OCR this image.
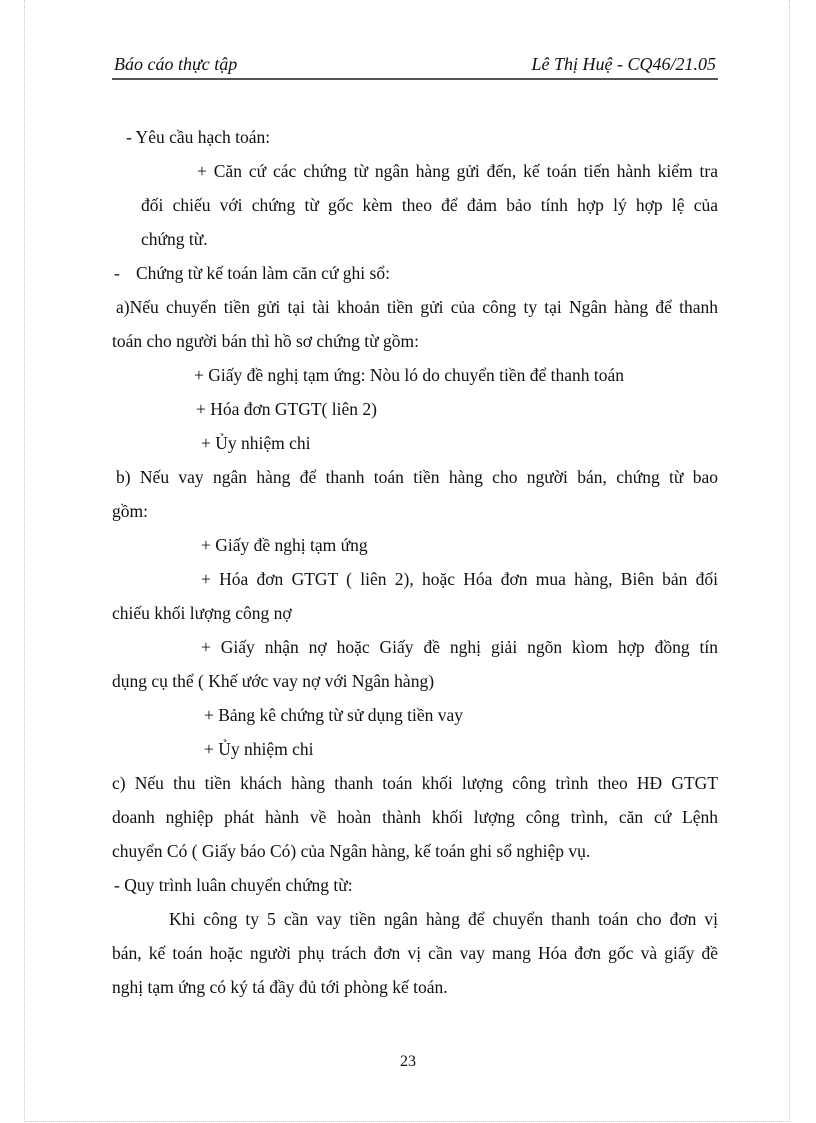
Báo cáo thực tập	Lê Thị Huệ - CQ46/21.05
- Yêu cầu hạch toán:
+ Căn cứ các chứng từ ngân hàng gửi đến, kế toán tiến hành kiểm tra
đối chiếu với chứng từ gốc kèm theo để đảm bảo tính hợp lý hợp lệ của
chứng từ.
- Chứng từ kế toán làm căn cứ ghi sổ:
a)Nếu chuyển tiền gửi tại tài khoản tiền gửi của công ty tại Ngân hàng để thanh
toán cho người bán thì hồ sơ chứng từ gồm:
+ Giấy đề nghị tạm ứng: Nòu ló do chuyển tiền để thanh toán
+ Hóa đơn GTGT( liên 2)
+ Ủy nhiệm chi
b) Nếu vay ngân hàng để thanh toán tiền hàng cho người bán, chứng từ bao
gồm:
+ Giấy đề nghị tạm ứng
+ Hóa đơn GTGT ( liên 2), hoặc Hóa đơn mua hàng, Biên bản đối
chiếu khối lượng công nợ
+ Giấy nhận nợ hoặc Giấy đề nghị giải ngõn kìom hợp đồng tín
dụng cụ thể ( Khế ước vay nợ với Ngân hàng)
+ Bảng kê chứng từ sử dụng tiền vay
+ Ủy nhiệm chi
c) Nếu thu tiền khách hàng thanh toán khối lượng công trình theo HĐ GTGT
doanh nghiệp phát hành về hoàn thành khối lượng công trình, căn cứ Lệnh
chuyển Có ( Giấy báo Có) của Ngân hàng, kế toán ghi sổ nghiệp vụ.
- Quy trình luân chuyển chứng từ:
Khi công ty 5 cần vay tiền ngân hàng để chuyển thanh toán cho đơn vị
bán, kế toán hoặc người phụ trách đơn vị cần vay mang Hóa đơn gốc và giấy đề
nghị tạm ứng có ký tá đầy đủ tới phòng kế toán.
23
